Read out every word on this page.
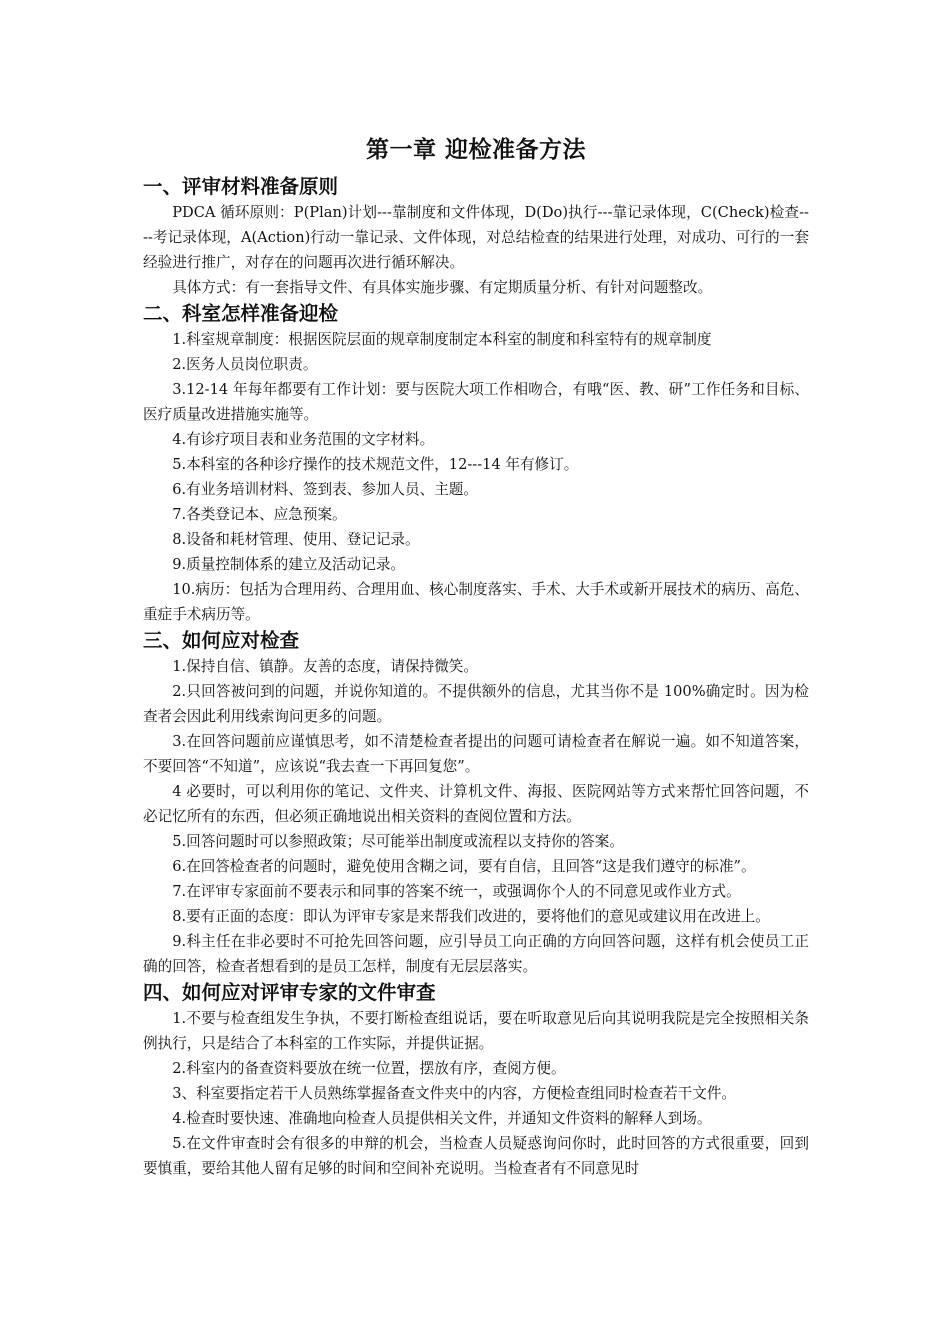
第一章 迎检准备方法
一、评审材料准备原则

PDCA 循环原则：P(Plan)计划---靠制度和文件体现，D(Do)执行---靠记录体现，C(Check)检查----考记录体现，A(Action)行动一靠记录、文件体现，对总结检查的结果进行处理，对成功、可行的一套经验进行推广，对存在的问题再次进行循环解决。

具体方式：有一套指导文件、有具体实施步骤、有定期质量分析、有针对问题整改。

二、科室怎样准备迎检

1.科室规章制度：根据医院层面的规章制度制定本科室的制度和科室特有的规章制度

2.医务人员岗位职责。

3.12-14 年每年都要有工作计划：要与医院大项工作相吻合，有哦“医、教、研”工作任务和目标、医疗质量改进措施实施等。

4.有诊疗项目表和业务范围的文字材料。

5.本科室的各种诊疗操作的技术规范文件，12---14 年有修订。

6.有业务培训材料、签到表、参加人员、主题。

7.各类登记本、应急预案。

8.设备和耗材管理、使用、登记记录。

9.质量控制体系的建立及活动记录。

10.病历：包括为合理用药、合理用血、核心制度落实、手术、大手术或新开展技术的病历、高危、重症手术病历等。

三、如何应对检查

1.保持自信、镇静。友善的态度，请保持微笑。

2.只回答被问到的问题，并说你知道的。不提供额外的信息，尤其当你不是 100%确定时。因为检查者会因此利用线索询问更多的问题。

3.在回答问题前应谨慎思考，如不清楚检查者提出的问题可请检查者在解说一遍。如不知道答案，不要回答“不知道”，应该说“我去查一下再回复您”。

4 必要时，可以利用你的笔记、文件夹、计算机文件、海报、医院网站等方式来帮忙回答问题，不必记忆所有的东西，但必须正确地说出相关资料的查阅位置和方法。

5.回答问题时可以参照政策；尽可能举出制度或流程以支持你的答案。

6.在回答检查者的问题时，避免使用含糊之词，要有自信，且回答“这是我们遵守的标准”。

7.在评审专家面前不要表示和同事的答案不统一，或强调你个人的不同意见或作业方式。

8.要有正面的态度：即认为评审专家是来帮我们改进的，要将他们的意见或建议用在改进上。

9.科主任在非必要时不可抢先回答问题，应引导员工向正确的方向回答问题，这样有机会使员工正确的回答，检查者想看到的是员工怎样，制度有无层层落实。

四、如何应对评审专家的文件审查

1.不要与检查组发生争执，不要打断检查组说话，要在听取意见后向其说明我院是完全按照相关条例执行，只是结合了本科室的工作实际，并提供证据。

2.科室内的备查资料要放在统一位置，摆放有序，查阅方便。

3、科室要指定若干人员熟练掌握备查文件夹中的内容，方便检查组同时检查若干文件。

4.检查时要快速、准确地向检查人员提供相关文件，并通知文件资料的解释人到场。

5.在文件审查时会有很多的申辩的机会，当检查人员疑惑询问你时，此时回答的方式很重要，回到要慎重，要给其他人留有足够的时间和空间补充说明。当检查者有不同意见时
